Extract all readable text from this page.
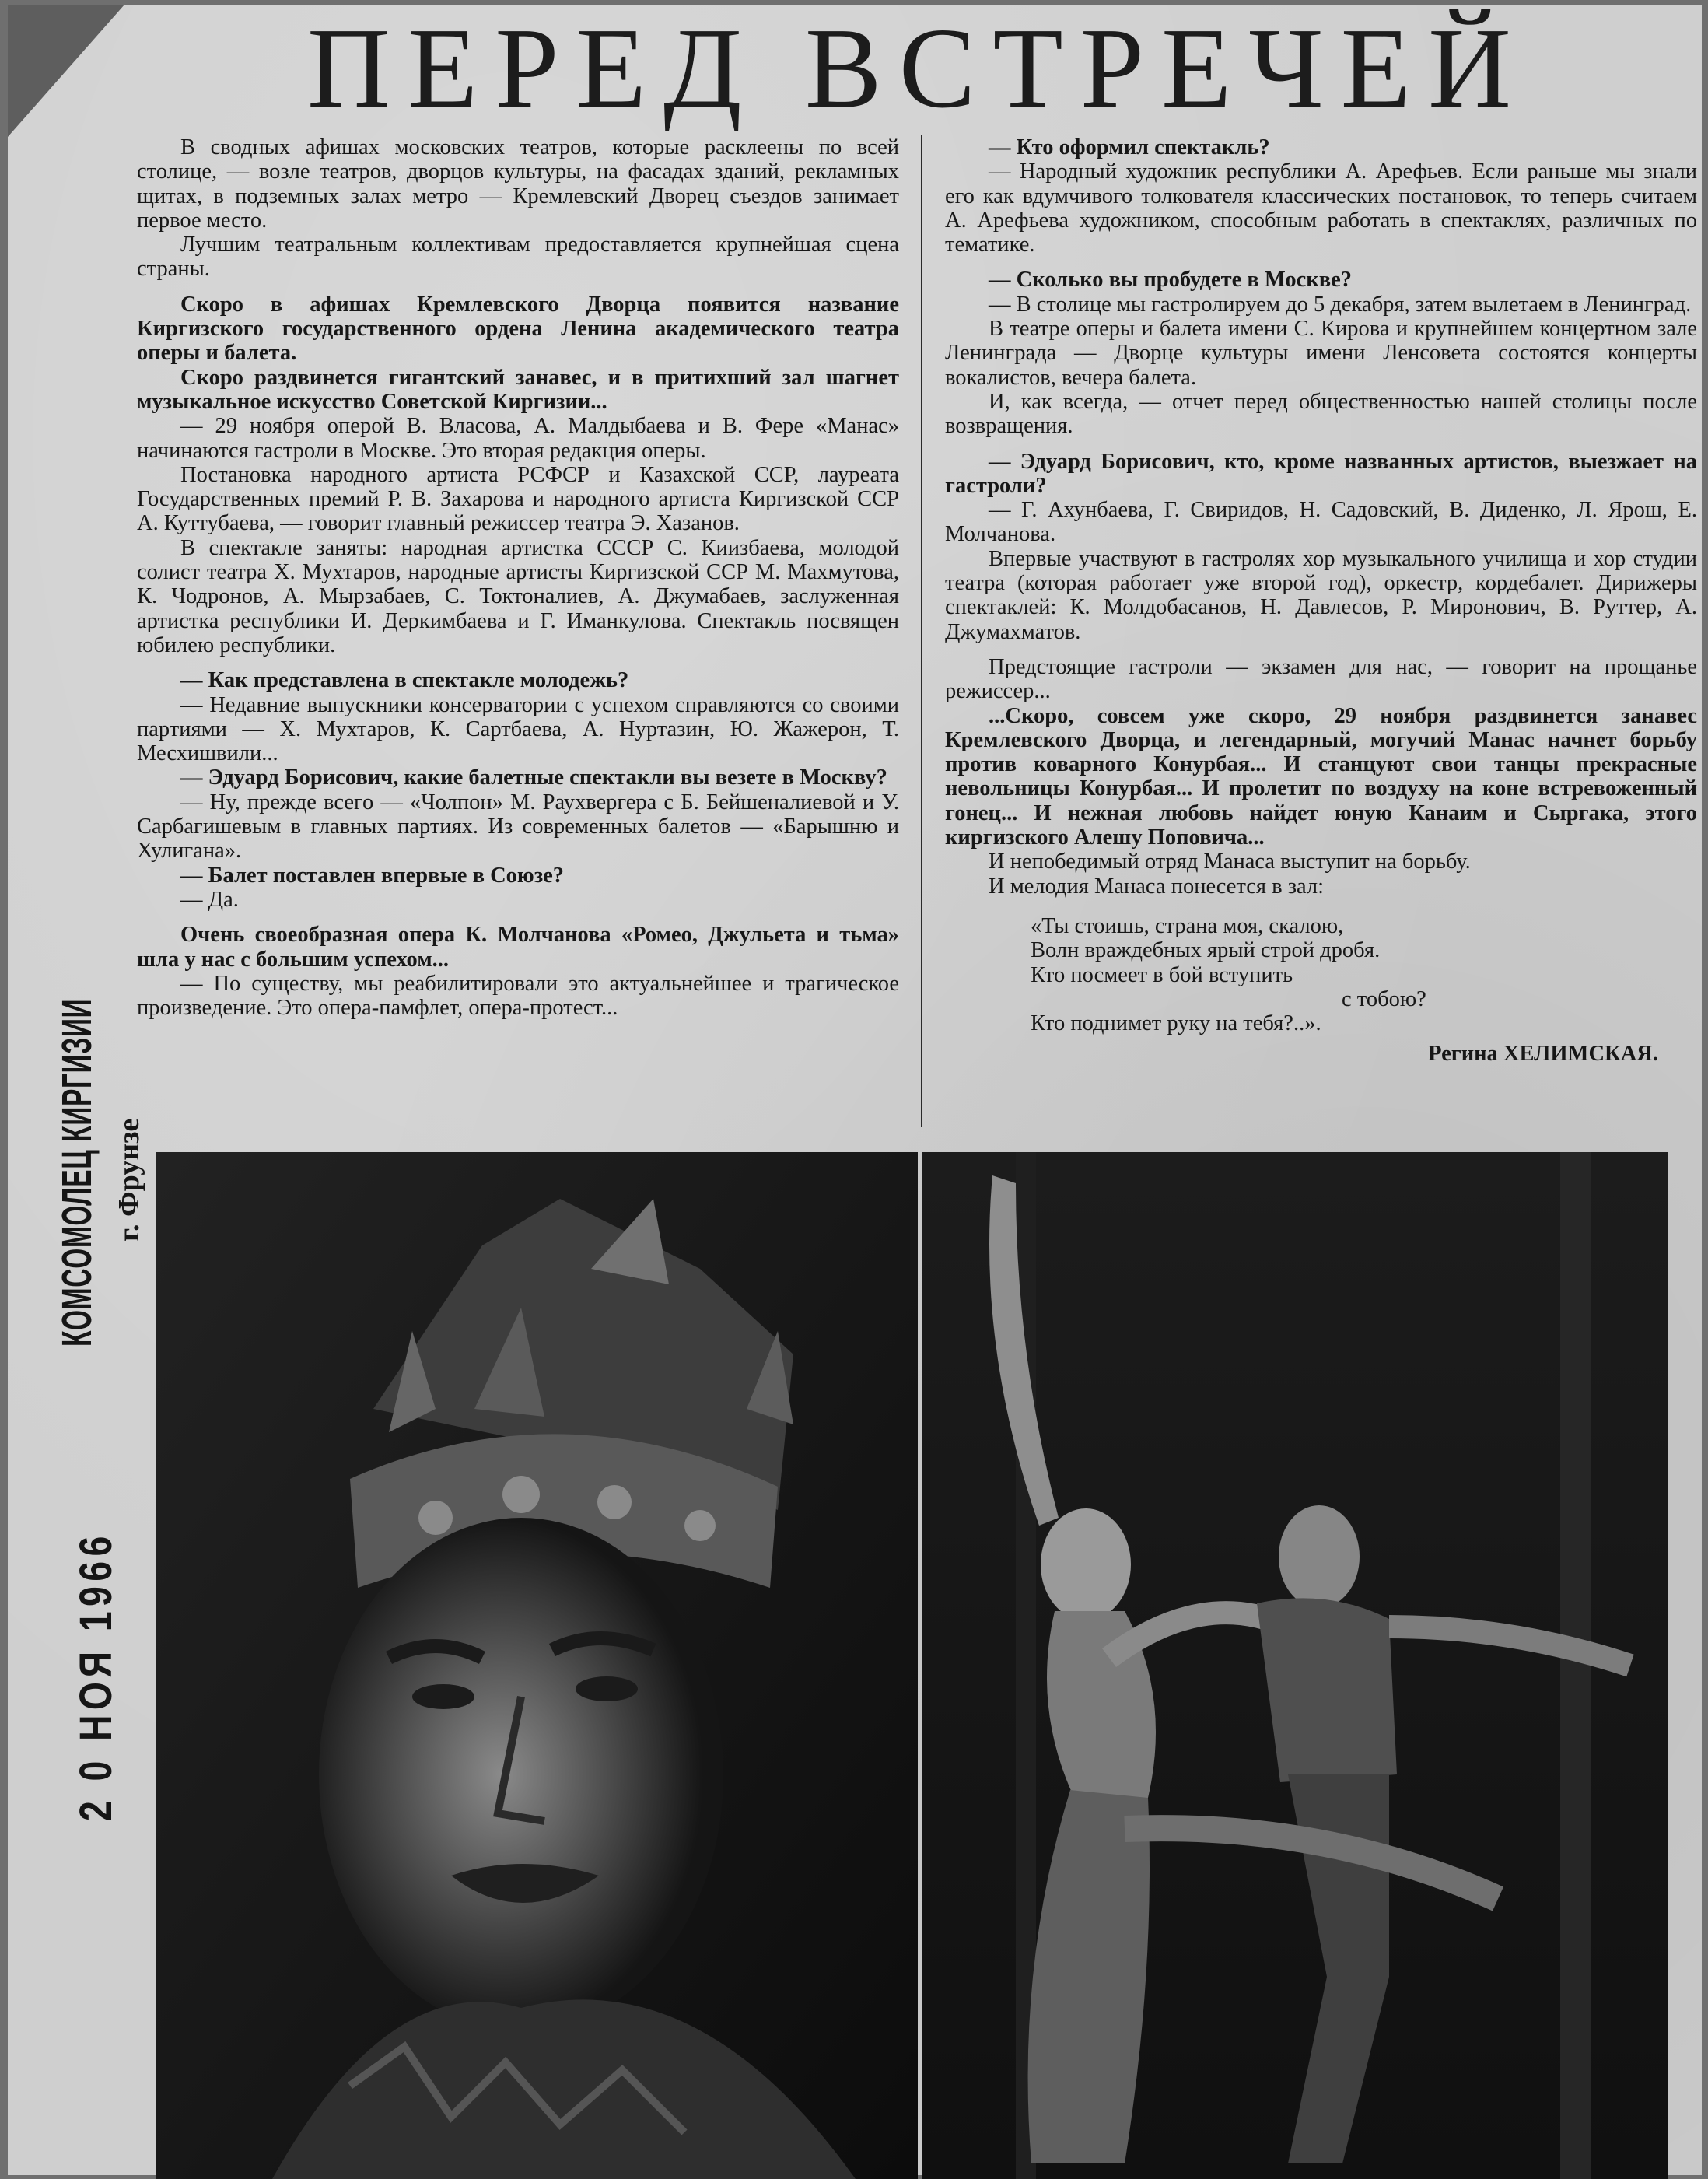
ПЕРЕД ВСТРЕЧЕЙ

В сводных афишах московских театров, которые расклеены по всей столице, — возле театров, дворцов культуры, на фасадах зданий, рекламных щитах, в подземных залах метро — Кремлевский Дворец съездов занимает первое место.

Лучшим театральным коллективам предоставляется крупнейшая сцена страны.

Скоро в афишах Кремлевского Дворца появится название Киргизского государственного ордена Ленина академического театра оперы и балета.

Скоро раздвинется гигантский занавес, и в притихший зал шагнет музыкальное искусство Советской Киргизии...

— 29 ноября оперой В. Власова, А. Малдыбаева и В. Фере «Манас» начинаются гастроли в Москве. Это вторая редакция оперы.

Постановка народного артиста РСФСР и Казахской ССР, лауреата Государственных премий Р. В. Захарова и народного артиста Киргизской ССР А. Куттубаева, — говорит главный режиссер театра Э. Хазанов.

В спектакле заняты: народная артистка СССР С. Киизбаева, молодой солист театра Х. Мухтаров, народные артисты Киргизской ССР М. Махмутова, К. Чодронов, А. Мырзабаев, С. Токтоналиев, А. Джумабаев, заслуженная артистка республики И. Деркимбаева и Г. Иманкулова. Спектакль посвящен юбилею республики.

— Как представлена в спектакле молодежь?

— Недавние выпускники консерватории с успехом справляются со своими партиями — Х. Мухтаров, К. Сартбаева, А. Нуртазин, Ю. Жажерон, Т. Месхишвили...

— Эдуард Борисович, какие балетные спектакли вы везете в Москву?

— Ну, прежде всего — «Чолпон» М. Раухвергера с Б. Бейшеналиевой и У. Сарбагишевым в главных партиях. Из современных балетов — «Барышню и Хулигана».

— Балет поставлен впервые в Союзе?

— Да.

Очень своеобразная опера К. Молчанова «Ромео, Джульета и тьма» шла у нас с большим успехом...

— По существу, мы реабилитировали это актуальнейшее и трагическое произведение. Это опера-памфлет, опера-протест...

— Кто оформил спектакль?

— Народный художник республики А. Арефьев. Если раньше мы знали его как вдумчивого толкователя классических постановок, то теперь считаем А. Арефьева художником, способным работать в спектаклях, различных по тематике.

— Сколько вы пробудете в Москве?

— В столице мы гастролируем до 5 декабря, затем вылетаем в Ленинград.

В театре оперы и балета имени С. Кирова и крупнейшем концертном зале Ленинграда — Дворце культуры имени Ленсовета состоятся концерты вокалистов, вечера балета.

И, как всегда, — отчет перед общественностью нашей столицы после возвращения.

— Эдуард Борисович, кто, кроме названных артистов, выезжает на гастроли?

— Г. Ахунбаева, Г. Свиридов, Н. Садовский, В. Диденко, Л. Ярош, Е. Молчанова.

Впервые участвуют в гастролях хор музыкального училища и хор студии театра (которая работает уже второй год), оркестр, кордебалет. Дирижеры спектаклей: К. Молдобасанов, Н. Давлесов, Р. Миронович, В. Руттер, А. Джумахматов.

Предстоящие гастроли — экзамен для нас, — говорит на прощанье режиссер...

...Скоро, совсем уже скоро, 29 ноября раздвинется занавес Кремлевского Дворца, и легендарный, могучий Манас начнет борьбу против коварного Конурбая... И станцуют свои танцы прекрасные невольницы Конурбая... И пролетит по воздуху на коне встревоженный гонец... И нежная любовь найдет юную Канаим и Сыргака, этого киргизского Алешу Поповича...

И непобедимый отряд Манаса выступит на борьбу.

И мелодия Манаса понесется в зал:

«Ты стоишь, страна моя, скалою,
Волн враждебных ярый строй дробя.
Кто посмеет в бой вступить
с тобою?
Кто поднимет руку на тебя?..».
Регина ХЕЛИМСКАЯ.
КОМСОМОЛЕЦ КИРГИЗИИ г. Фрунзе
2 0 НОЯ 1966
